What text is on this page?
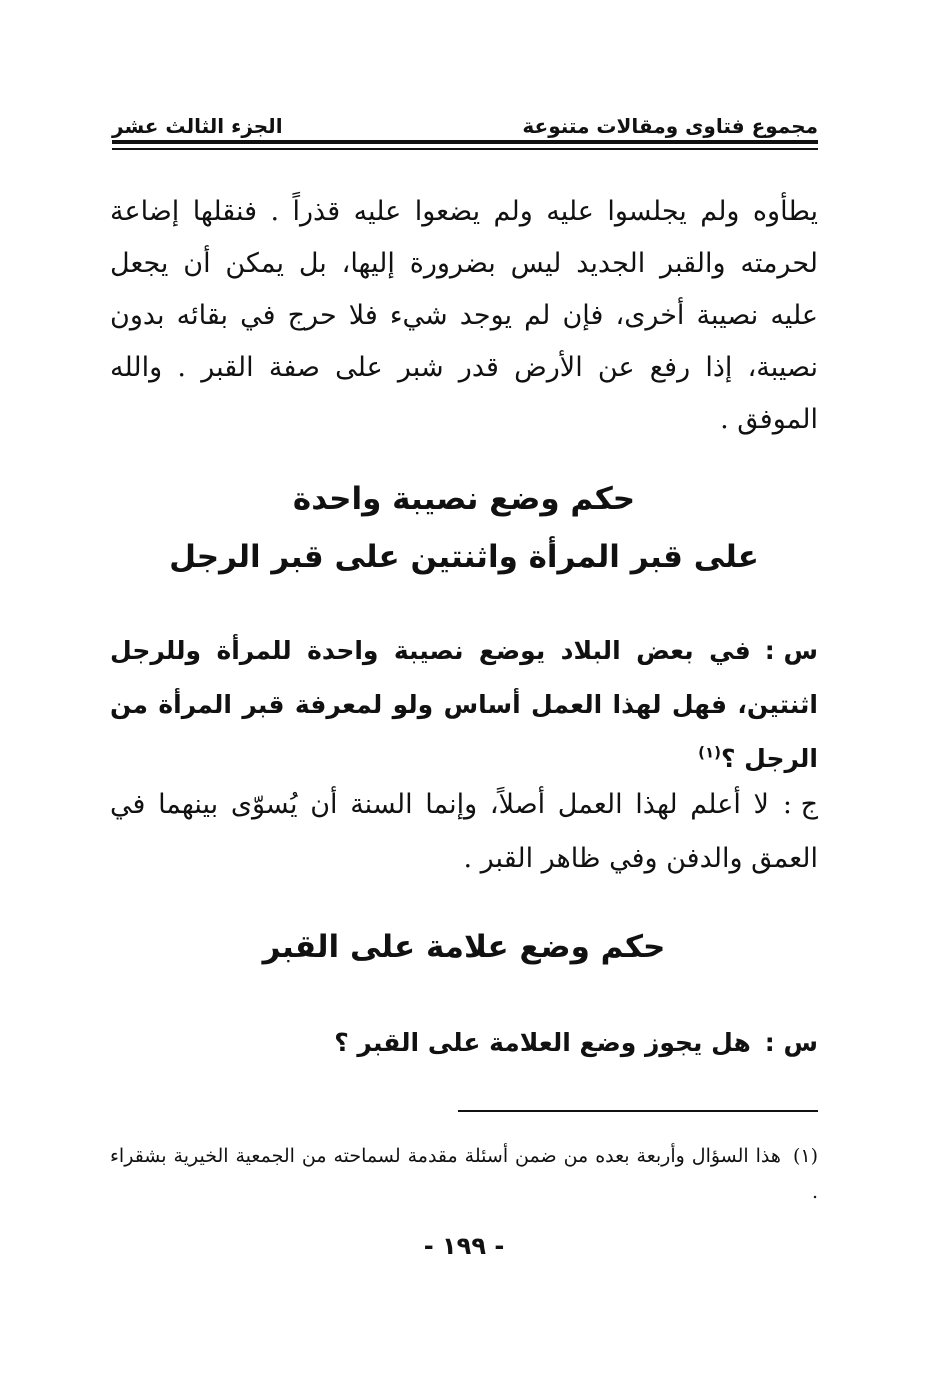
مجموع فتاوى ومقالات متنوعة
الجزء الثالث عشر

يطأوه ولم يجلسوا عليه ولم يضعوا عليه قذراً . فنقلها إضاعة لحرمته والقبر الجديد ليس بضرورة إليها، بل يمكن أن يجعل عليه نصيبة أخرى، فإن لم يوجد شيء فلا حرج في بقائه بدون نصيبة، إذا رفع عن الأرض قدر شبر على صفة القبر . والله الموفق .

حكم وضع نصيبة واحدة
على قبر المرأة واثنتين على قبر الرجل

س :في بعض البلاد يوضع نصيبة واحدة للمرأة وللرجل اثنتين، فهل لهذا العمل أساس ولو لمعرفة قبر المرأة من الرجل ؟$^{(١)}$

ج :لا أعلم لهذا العمل أصلاً، وإنما السنة أن يُسوّى بينهما في العمق والدفن وفي ظاهر القبر .

حكم وضع علامة على القبر

س :هل يجوز وضع العلامة على القبر ؟

(١)هذا السؤال وأربعة بعده من ضمن أسئلة مقدمة لسماحته من الجمعية الخيرية بشقراء .

- ١٩٩ -
